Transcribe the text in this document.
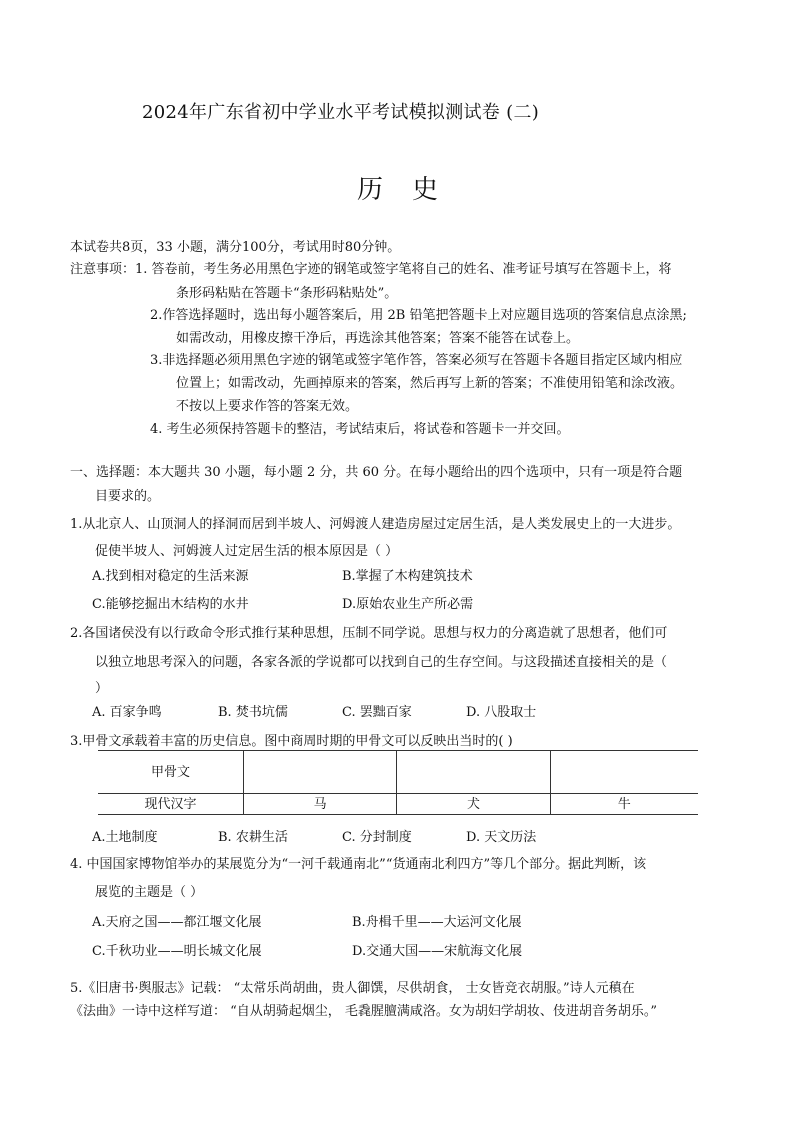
2024年广东省初中学业水平考试模拟测试卷 (二)
历 史
本试卷共8页，33 小题，满分100分，考试用时80分钟。
注意事项：1. 答卷前，考生务必用黑色字迹的钢笔或签字笔将自己的姓名、准考证号填写在答题卡上，将
条形码粘贴在答题卡“条形码粘贴处”。
2.作答选择题时，选出每小题答案后，用 2B 铅笔把答题卡上对应题目选项的答案信息点涂黑;
如需改动，用橡皮擦干净后，再选涂其他答案；答案不能答在试卷上。
3.非选择题必须用黑色字迹的钢笔或签字笔作答，答案必须写在答题卡各题目指定区域内相应
位置上；如需改动，先画掉原来的答案，然后再写上新的答案；不准使用铅笔和涂改液。
不按以上要求作答的答案无效。
4. 考生必须保持答题卡的整洁，考试结束后，将试卷和答题卡一并交回。
一、选择题：本大题共 30 小题，每小题 2 分，共 60 分。在每小题给出的四个选项中，只有一项是符合题
目要求的。
1.从北京人、山顶洞人的择洞而居到半坡人、河姆渡人建造房屋过定居生活，是人类发展史上的一大进步。
促使半坡人、河姆渡人过定居生活的根本原因是（ ）
A.找到相对稳定的生活来源	B.掌握了木构建筑技术
C.能够挖掘出木结构的水井	D.原始农业生产所必需
2.各国诸侯没有以行政命令形式推行某种思想，压制不同学说。思想与权力的分离造就了思想者，他们可
以独立地思考深入的问题，各家各派的学说都可以找到自己的生存空间。与这段描述直接相关的是（
）
A. 百家争鸣	B. 焚书坑儒	C. 罢黜百家	D. 八股取士
3.甲骨文承载着丰富的历史信息。图中商周时期的甲骨文可以反映出当时的( )
甲骨文			
现代汉字	马	犬	牛
A.土地制度	B. 农耕生活	C. 分封制度	D. 天文历法
4. 中国国家博物馆举办的某展览分为“一河千载通南北”“货通南北利四方”等几个部分。据此判断，该
展览的主题是（ ）
A.天府之国——都江堰文化展	B.舟楫千里——大运河文化展
C.千秋功业——明长城文化展	D.交通大国——宋航海文化展
5.《旧唐书·舆服志》记载： “太常乐尚胡曲，贵人御馔，尽供胡食， 士女皆竞衣胡服。”诗人元稹在
《法曲》一诗中这样写道： “自从胡骑起烟尘， 毛毳腥膻满咸洛。女为胡妇学胡妆、伎进胡音务胡乐。”
